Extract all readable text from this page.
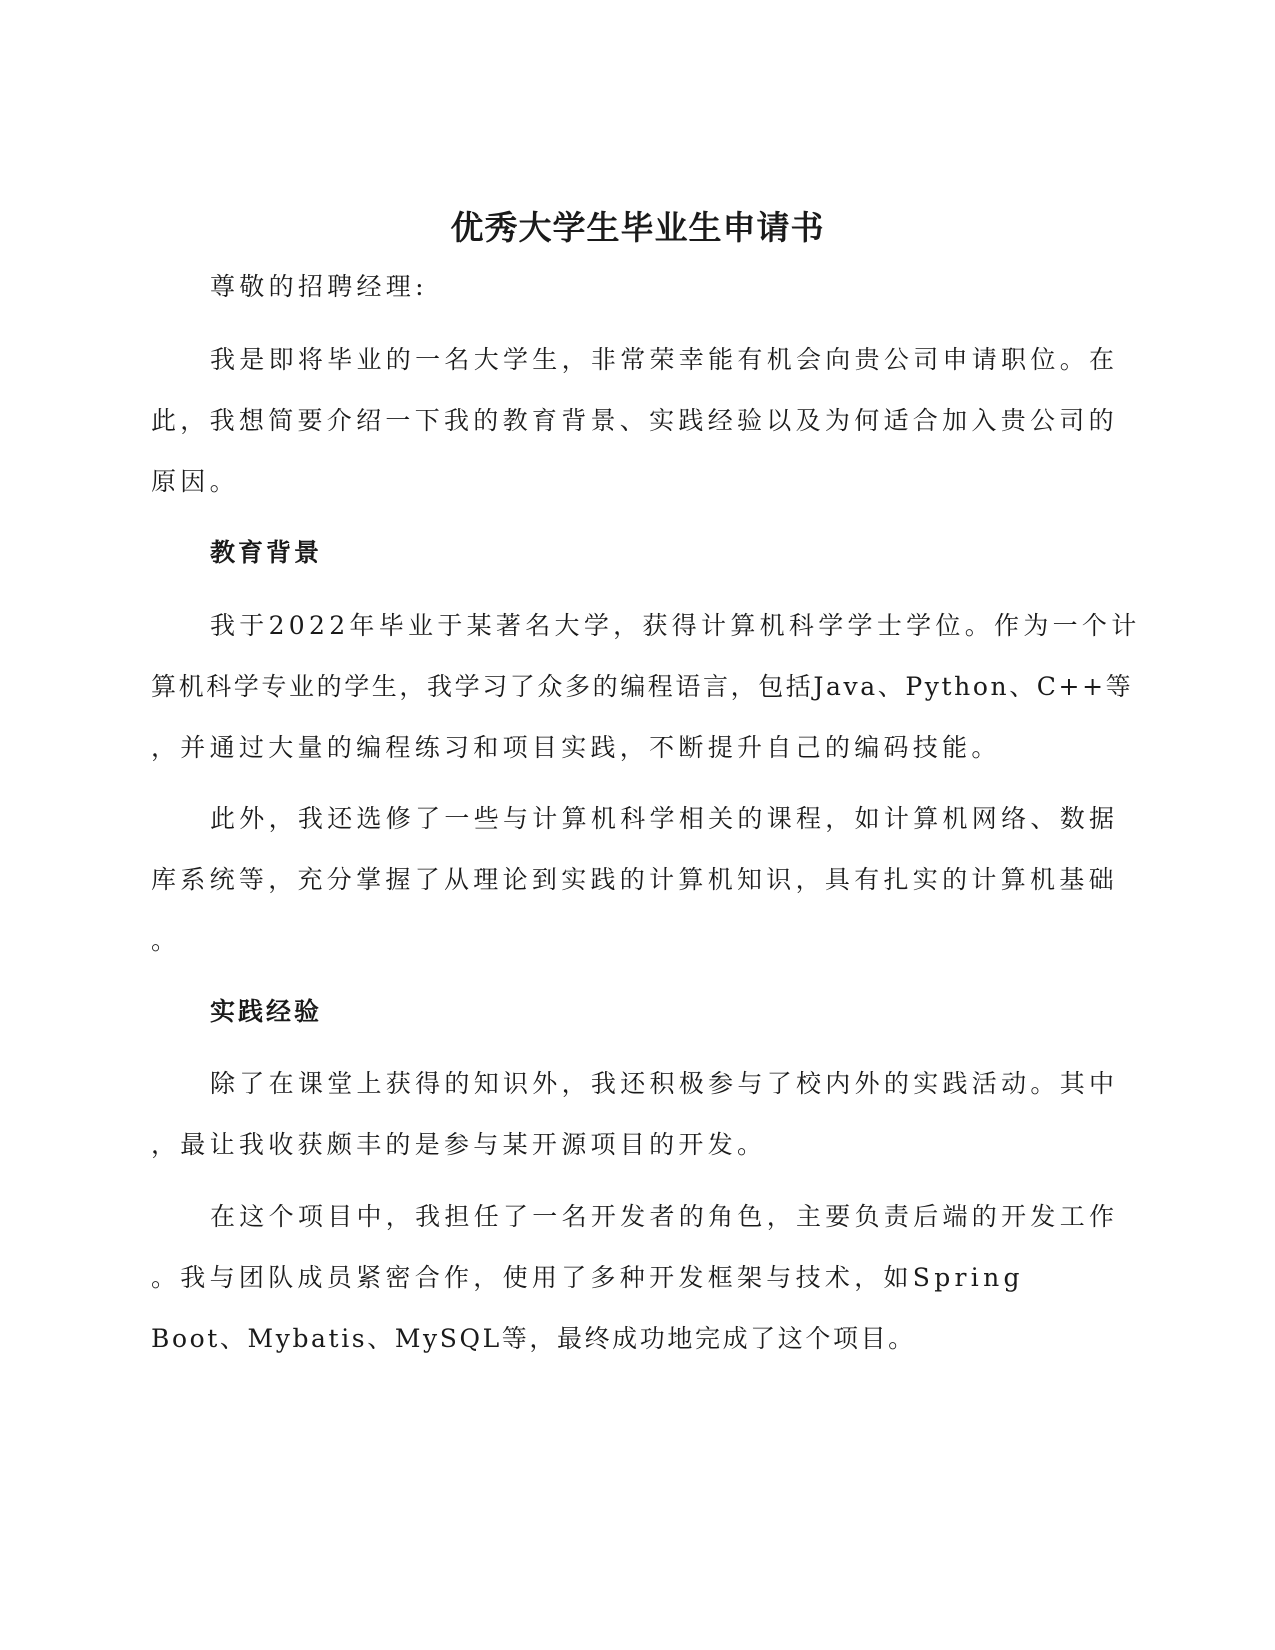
优秀大学生毕业生申请书
尊敬的招聘经理:
我是即将毕业的一名大学生，非常荣幸能有机会向贵公司申请职位。在
此，我想简要介绍一下我的教育背景、实践经验以及为何适合加入贵公司的
原因。
教育背景
我于2022年毕业于某著名大学，获得计算机科学学士学位。作为一个计
算机科学专业的学生，我学习了众多的编程语言，包括Java、Python、C++等
，并通过大量的编程练习和项目实践，不断提升自己的编码技能。
此外，我还选修了一些与计算机科学相关的课程，如计算机网络、数据
库系统等，充分掌握了从理论到实践的计算机知识，具有扎实的计算机基础
。
实践经验
除了在课堂上获得的知识外，我还积极参与了校内外的实践活动。其中
，最让我收获颇丰的是参与某开源项目的开发。
在这个项目中，我担任了一名开发者的角色，主要负责后端的开发工作
。我与团队成员紧密合作，使用了多种开发框架与技术，如Spring
Boot、Mybatis、MySQL等，最终成功地完成了这个项目。
